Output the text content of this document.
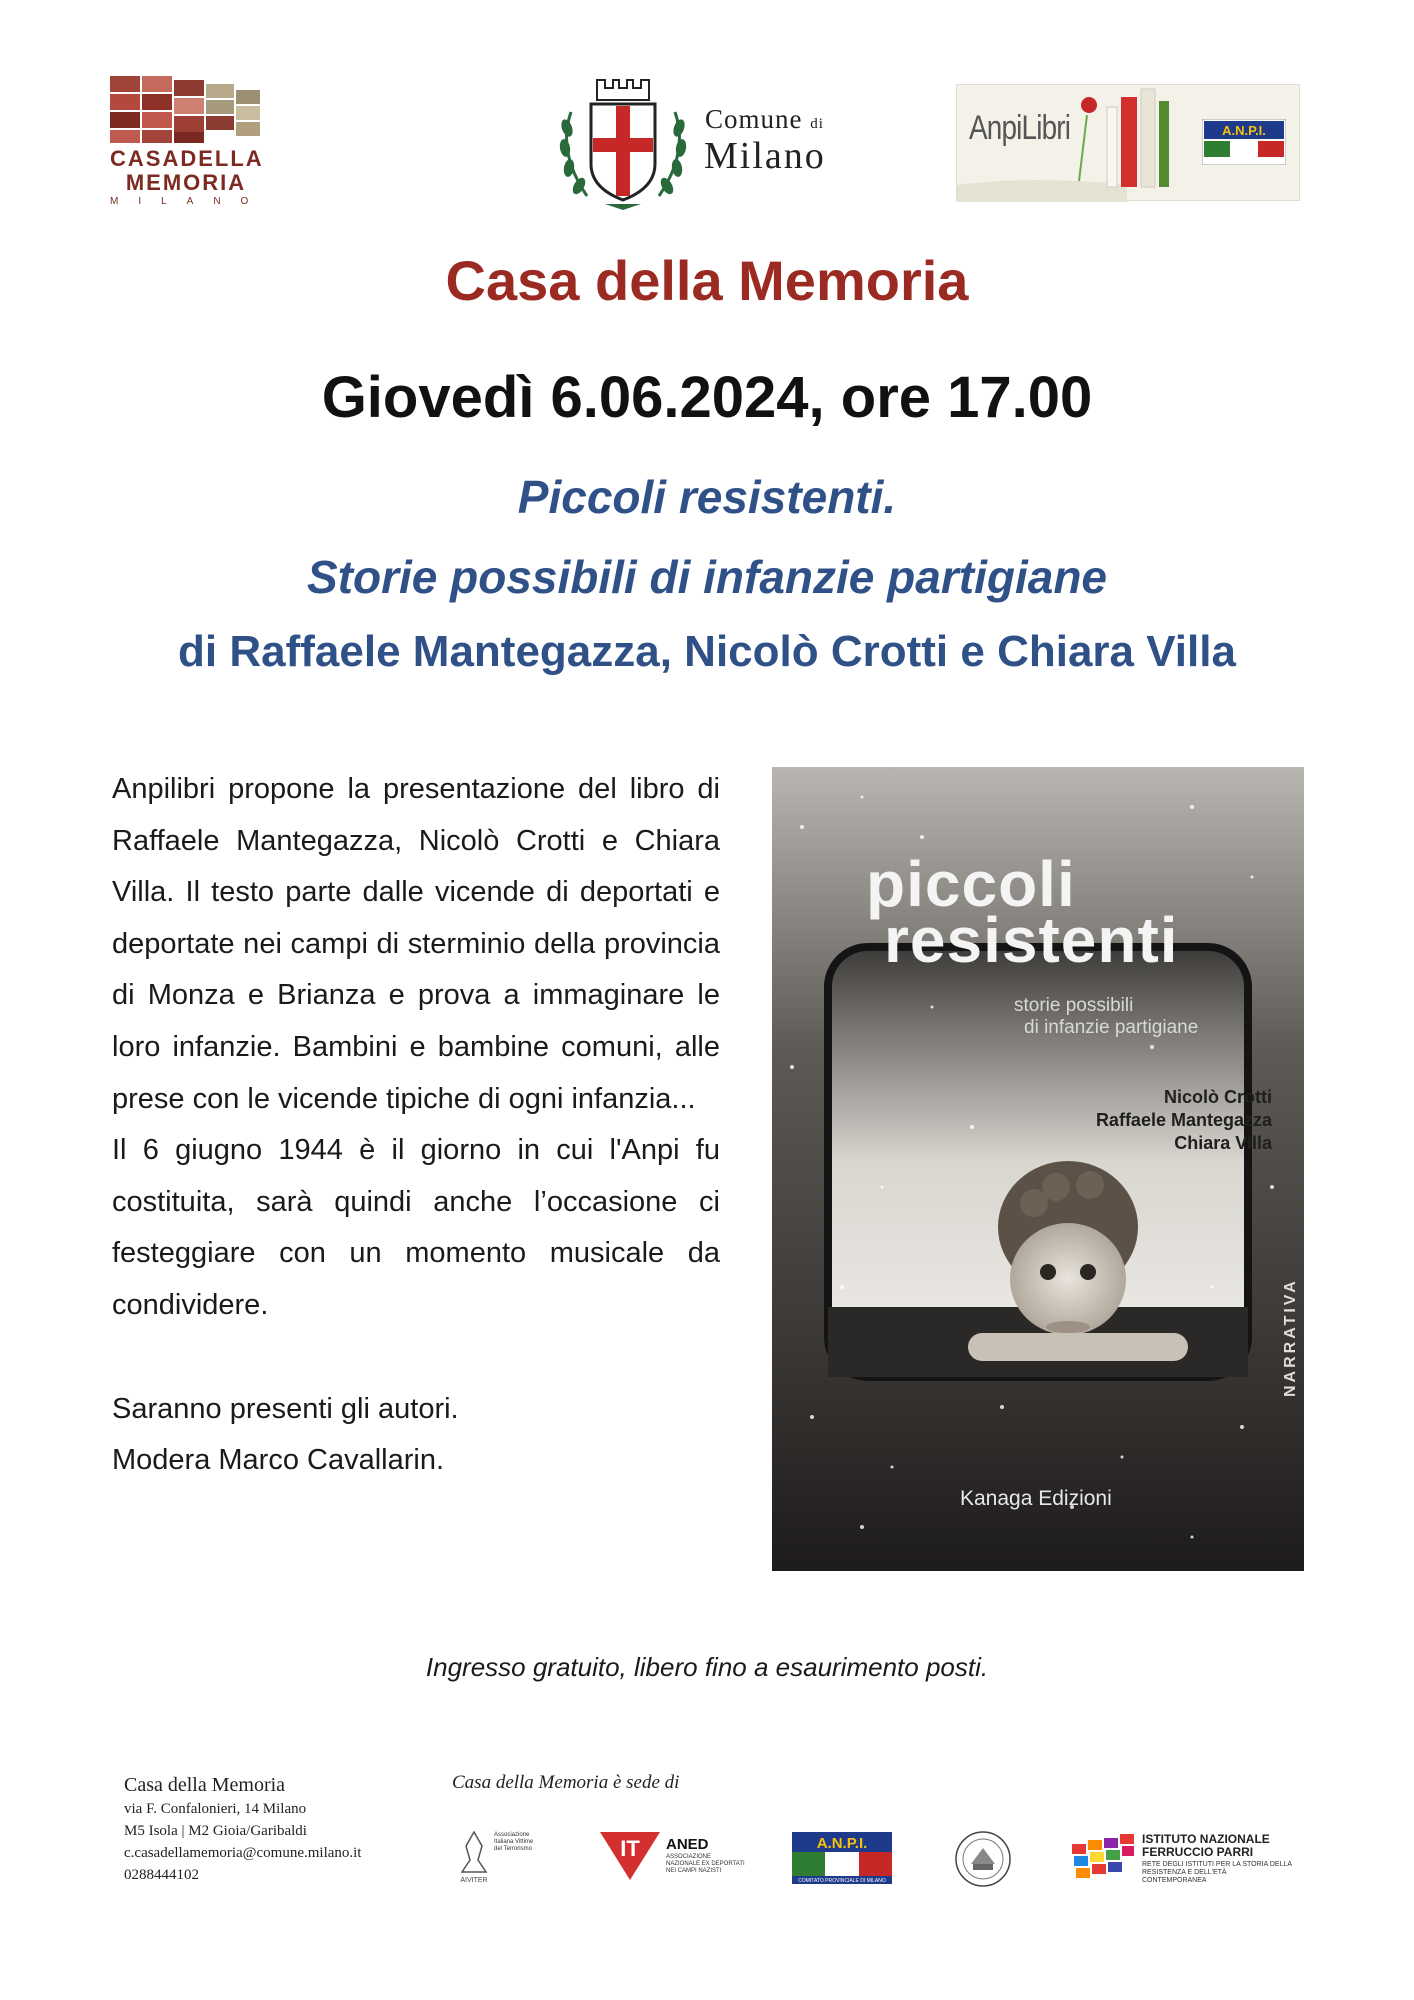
CASADELLA
MEMORIA
MILANO
Comune di
Milano
AnpiLibri	A.N.P.I.
Casa della Memoria
Giovedì 6.06.2024, ore 17.00
Piccoli resistenti.
Storie possibili di infanzie partigiane
di Raffaele Mantegazza, Nicolò Crotti e Chiara Villa

Anpilibri propone la presentazione del libro di Raffaele Mantegazza, Nicolò Crotti e Chiara Villa. Il testo parte dalle vicende di deportati e deportate nei campi di sterminio della provincia di Monza e Brianza e prova a immaginare le loro infanzie. Bambini e bambine comuni, alle prese con le vicende tipiche di ogni infanzia...

Il 6 giugno 1944 è il giorno in cui l'Anpi fu costituita, sarà quindi anche l’occasione ci festeggiare con un momento musicale da condividere.

Saranno presenti gli autori.

Modera Marco Cavallarin.

piccoli
resistenti
storie possibili
di infanzie partigiane
Nicolò Crotti
Raffaele Mantegazza
Chiara Villa
NARRATIVA
Kanaga Edizioni
Ingresso gratuito, libero fino a esaurimento posti.
Casa della Memoria
via F. Confalonieri, 14 Milano
M5 Isola | M2 Gioia/Garibaldi
c.casadellamemoria@comune.milano.it
0288444102
Casa della Memoria è sede di
AIVITER
Associazione Italiana Vittime del Terrorismo	IT ANED
ASSOCIAZIONE NAZIONALE EX DEPORTATI NEI CAMPI NAZISTI
A.N.P.I.
COMITATO PROVINCIALE DI MILANO
ISTITUTO NAZIONALE
FERRUCCIO PARRI
RETE DEGLI ISTITUTI PER LA STORIA DELLA RESISTENZA E DELL'ETÀ CONTEMPORANEA
